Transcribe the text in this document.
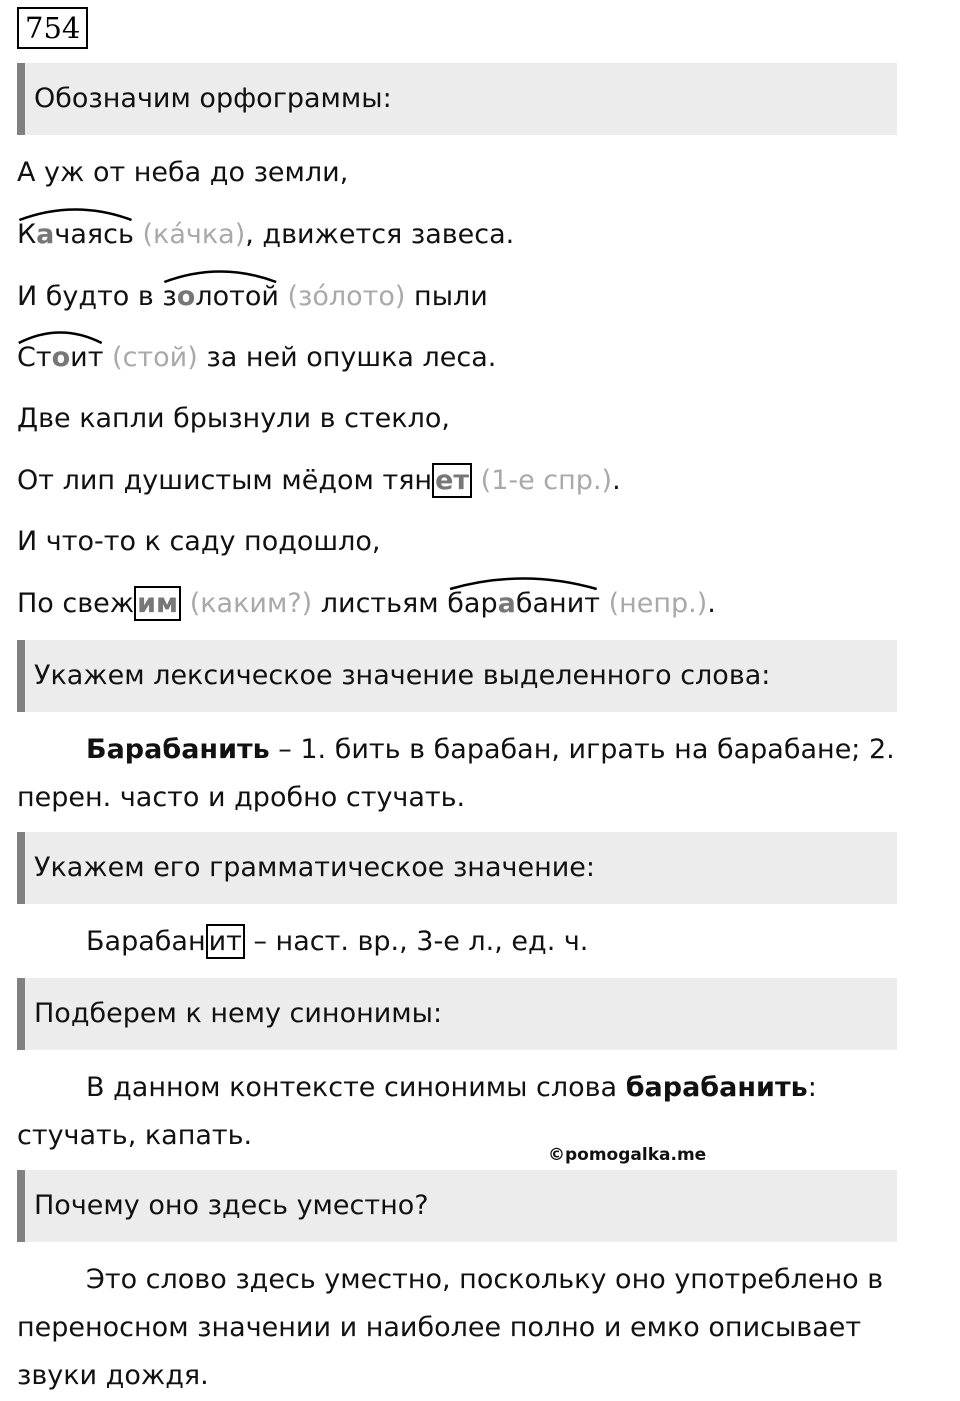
754
Обозначим орфограммы:
А уж от неба до земли,
Качаясь (ка́чка), движется завеса.
И будто в
золотой (зо́лото) пыли
Стоит (стой) за ней опушка леса.
Две капли брызнули в стекло,
От лип душистым мёдом тян ет (1-е спр.).
И что-то к саду подошло,
По свеж им (каким?) листьям
барабанит (непр.).
Укажем лексическое значение выделенного слова:
Барабанить – 1. бить в барабан, играть на барабане; 2. перен. часто и дробно стучать.
Укажем его грамматическое значение:
Барабан ит – наст. вр., 3-е л., ед. ч.
Подберем к нему синонимы:
В данном контексте синонимы слова барабанить: стучать, капать.
©pomogalka.me
Почему оно здесь уместно?
Это слово здесь уместно, поскольку оно употреблено в переносном значении и наиболее полно и емко описывает звуки дождя.
